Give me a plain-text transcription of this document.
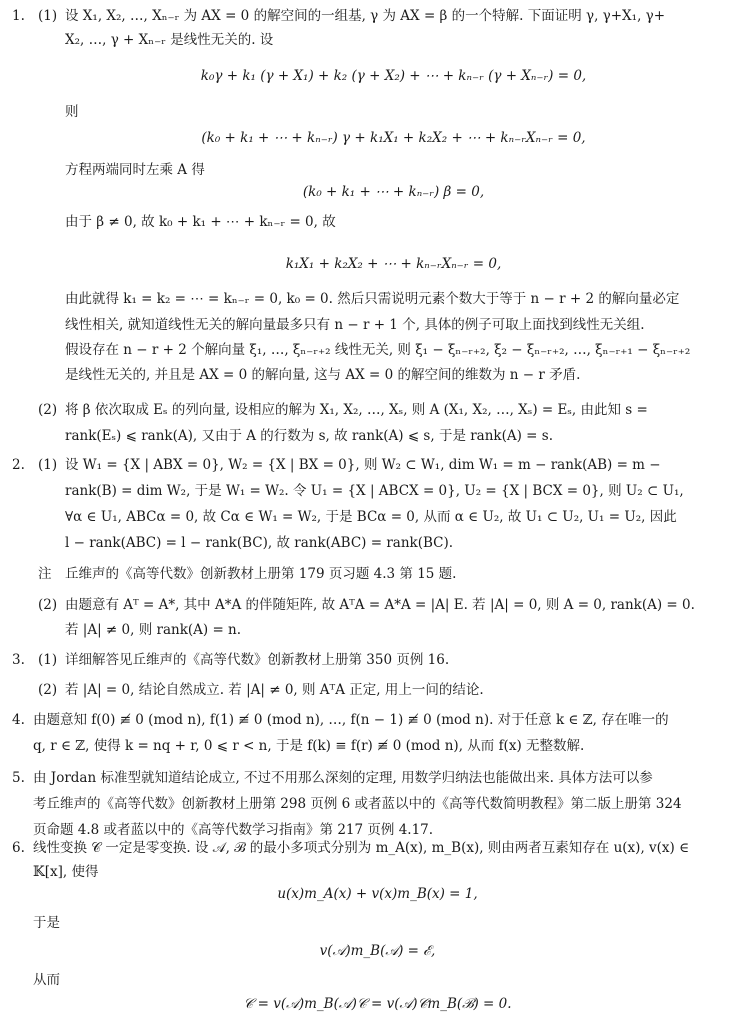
1. (1) 设 X₁, X₂, …, Xₙ₋ᵣ 为 AX = 0 的解空间的一组基, γ 为 AX = β 的一个特解. 下面证明 γ, γ+X₁, γ+
X₂, …, γ + Xₙ₋ᵣ 是线性无关的. 设
k₀γ + k₁ (γ + X₁) + k₂ (γ + X₂) + ⋯ + kₙ₋ᵣ (γ + Xₙ₋ᵣ) = 0,
则
(k₀ + k₁ + ⋯ + kₙ₋ᵣ) γ + k₁X₁ + k₂X₂ + ⋯ + kₙ₋ᵣXₙ₋ᵣ = 0,
方程两端同时左乘 A 得
(k₀ + k₁ + ⋯ + kₙ₋ᵣ) β = 0,
由于 β ≠ 0, 故 k₀ + k₁ + ⋯ + kₙ₋ᵣ = 0, 故
k₁X₁ + k₂X₂ + ⋯ + kₙ₋ᵣXₙ₋ᵣ = 0,
由此就得 k₁ = k₂ = ⋯ = kₙ₋ᵣ = 0, k₀ = 0. 然后只需说明元素个数大于等于 n − r + 2 的解向量必定
线性相关, 就知道线性无关的解向量最多只有 n − r + 1 个, 具体的例子可取上面找到线性无关组.
假设存在 n − r + 2 个解向量 ξ₁, …, ξₙ₋ᵣ₊₂ 线性无关, 则 ξ₁ − ξₙ₋ᵣ₊₂, ξ₂ − ξₙ₋ᵣ₊₂, …, ξₙ₋ᵣ₊₁ − ξₙ₋ᵣ₊₂
是线性无关的, 并且是 AX = 0 的解向量, 这与 AX = 0 的解空间的维数为 n − r 矛盾.
(2) 将 β 依次取成 Eₛ 的列向量, 设相应的解为 X₁, X₂, …, Xₛ, 则 A (X₁, X₂, …, Xₛ) = Eₛ, 由此知 s =
rank(Eₛ) ⩽ rank(A), 又由于 A 的行数为 s, 故 rank(A) ⩽ s, 于是 rank(A) = s.
2. (1) 设 W₁ = {X | ABX = 0}, W₂ = {X | BX = 0}, 则 W₂ ⊂ W₁, dim W₁ = m − rank(AB) = m −
rank(B) = dim W₂, 于是 W₁ = W₂. 令 U₁ = {X | ABCX = 0}, U₂ = {X | BCX = 0}, 则 U₂ ⊂ U₁,
∀α ∈ U₁, ABCα = 0, 故 Cα ∈ W₁ = W₂, 于是 BCα = 0, 从而 α ∈ U₂, 故 U₁ ⊂ U₂, U₁ = U₂, 因此
l − rank(ABC) = l − rank(BC), 故 rank(ABC) = rank(BC).
注 丘维声的《高等代数》创新教材上册第 179 页习题 4.3 第 15 题.
(2) 由题意有 Aᵀ = A*, 其中 A*A 的伴随矩阵, 故 AᵀA = A*A = |A| E. 若 |A| = 0, 则 A = 0, rank(A) = 0.
若 |A| ≠ 0, 则 rank(A) = n.
3. (1) 详细解答见丘维声的《高等代数》创新教材上册第 350 页例 16.
(2) 若 |A| = 0, 结论自然成立. 若 |A| ≠ 0, 则 AᵀA 正定, 用上一问的结论.
4. 由题意知 f(0) ≢ 0 (mod n), f(1) ≢ 0 (mod n), …, f(n − 1) ≢ 0 (mod n). 对于任意 k ∈ ℤ, 存在唯一的
q, r ∈ ℤ, 使得 k = nq + r, 0 ⩽ r < n, 于是 f(k) ≡ f(r) ≢ 0 (mod n), 从而 f(x) 无整数解.
5. 由 Jordan 标准型就知道结论成立, 不过不用那么深刻的定理, 用数学归纳法也能做出来. 具体方法可以参
考丘维声的《高等代数》创新教材上册第 298 页例 6 或者蓝以中的《高等代数简明教程》第二版上册第 324
页命题 4.8 或者蓝以中的《高等代数学习指南》第 217 页例 4.17.
6. 线性变换 𝒞 一定是零变换. 设 𝒜, ℬ 的最小多项式分别为 m_A(x), m_B(x), 则由两者互素知存在 u(x), v(x) ∈
𝕂[x], 使得
u(x)m_A(x) + v(x)m_B(x) = 1,
于是
v(𝒜)m_B(𝒜) = ℰ,
从而
𝒞 = v(𝒜)m_B(𝒜)𝒞 = v(𝒜)𝒞m_B(ℬ) = 0.
